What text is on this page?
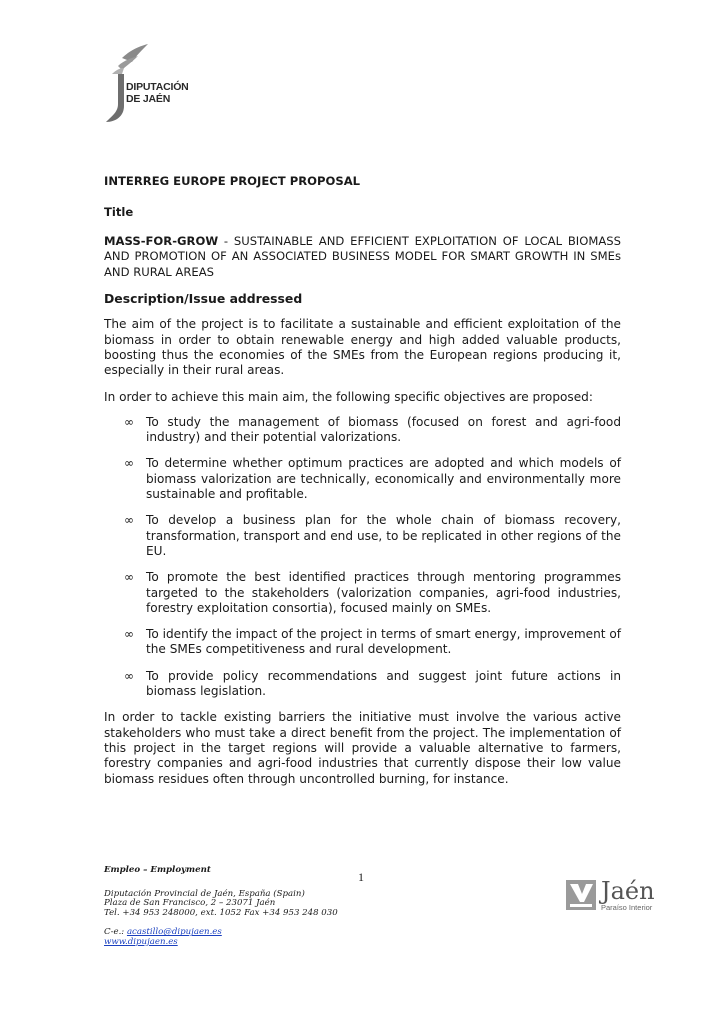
DIPUTACIÓN
DE JAÉN
INTERREG EUROPE PROJECT PROPOSAL
Title
MASS-FOR-GROW - SUSTAINABLE AND EFFICIENT EXPLOITATION OF LOCAL BIOMASS AND PROMOTION OF AN ASSOCIATED BUSINESS MODEL FOR SMART GROWTH IN SMEs AND RURAL AREAS
Description/Issue addressed

The aim of the project is to facilitate a sustainable and efficient exploitation of the biomass in order to obtain renewable energy and high added valuable products, boosting thus the economies of the SMEs from the European regions producing it, especially in their rural areas.

In order to achieve this main aim, the following specific objectives are proposed:

∞ To study the management of biomass (focused on forest and agri-food industry) and their potential valorizations.
∞ To determine whether optimum practices are adopted and which models of biomass valorization are technically, economically and environmentally more sustainable and profitable.
∞ To develop a business plan for the whole chain of biomass recovery, transformation, transport and end use, to be replicated in other regions of the EU.
∞ To promote the best identified practices through mentoring programmes targeted to the stakeholders (valorization companies, agri-food industries, forestry exploitation consortia), focused mainly on SMEs.
∞ To identify the impact of the project in terms of smart energy, improvement of the SMEs competitiveness and rural development.
∞ To provide policy recommendations and suggest joint future actions in biomass legislation.

In order to tackle existing barriers the initiative must involve the various active stakeholders who must take a direct benefit from the project. The implementation of this project in the target regions will provide a valuable alternative to farmers, forestry companies and agri-food industries that currently dispose their low value biomass residues often through uncontrolled burning, for instance.

1
Empleo – Employment
Diputación Provincial de Jaén, España (Spain)
Plaza de San Francisco, 2 – 23071 Jaén
Tel. +34 953 248000, ext. 1052 Fax +34 953 248 030
C-e.: acastillo@dipujaen.es
www.dipujaen.es
Jaén
Paraíso Interior
